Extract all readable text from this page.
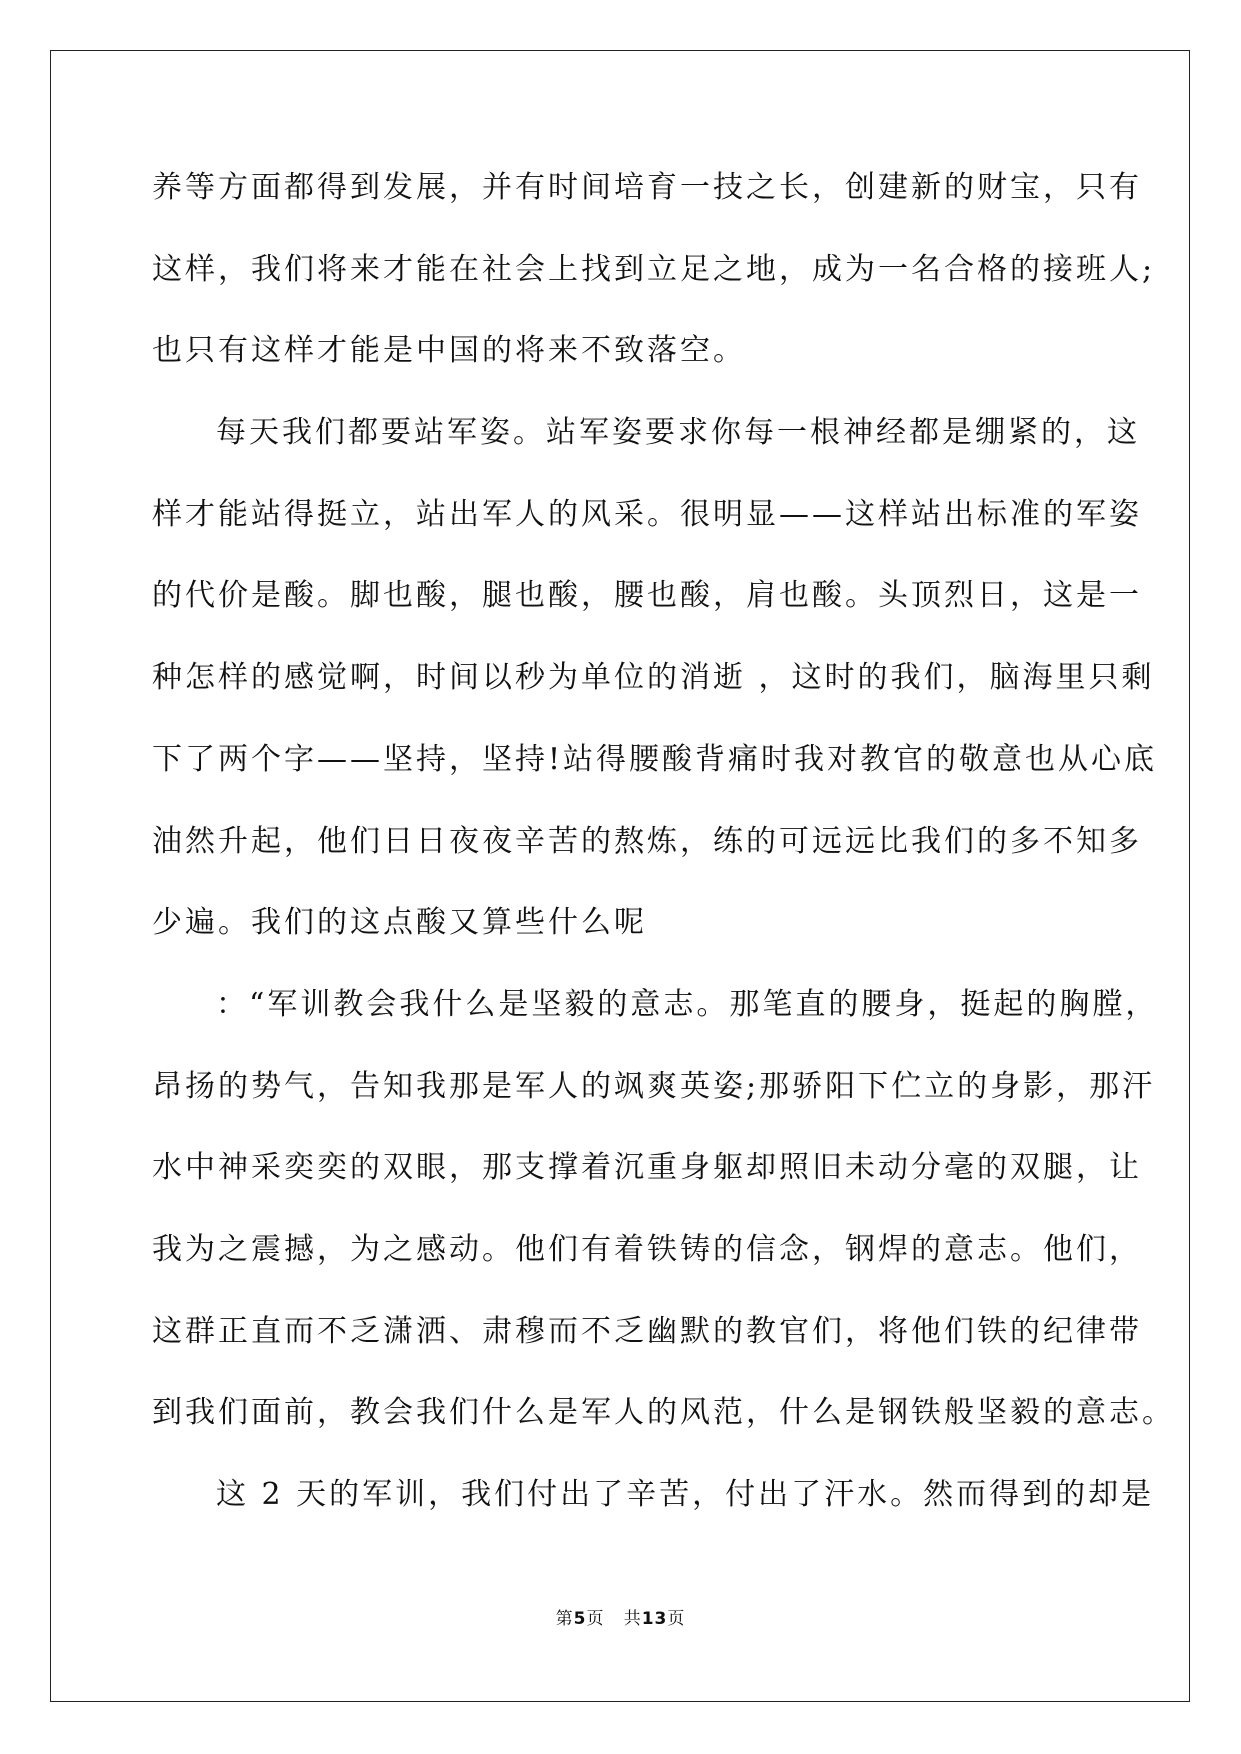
养等方面都得到发展，并有时间培育一技之长，创建新的财宝，只有
这样，我们将来才能在社会上找到立足之地，成为一名合格的接班人;
也只有这样才能是中国的将来不致落空。
每天我们都要站军姿。站军姿要求你每一根神经都是绷紧的，这
样才能站得挺立，站出军人的风采。很明显——这样站出标准的军姿
的代价是酸。脚也酸，腿也酸，腰也酸，肩也酸。头顶烈日，这是一
种怎样的感觉啊，时间以秒为单位的消逝 ，这时的我们，脑海里只剩
下了两个字——坚持，坚持!站得腰酸背痛时我对教官的敬意也从心底
油然升起，他们日日夜夜辛苦的熬炼，练的可远远比我们的多不知多
少遍。我们的这点酸又算些什么呢
：“军训教会我什么是坚毅的意志。那笔直的腰身，挺起的胸膛，
昂扬的势气，告知我那是军人的飒爽英姿;那骄阳下伫立的身影，那汗
水中神采奕奕的双眼，那支撑着沉重身躯却照旧未动分毫的双腿，让
我为之震撼，为之感动。他们有着铁铸的信念，钢焊的意志。他们，
这群正直而不乏潇洒、肃穆而不乏幽默的教官们，将他们铁的纪律带
到我们面前，教会我们什么是军人的风范，什么是钢铁般坚毅的意志。
这 2 天的军训，我们付出了辛苦，付出了汗水。然而得到的却是
第5页 共13页
